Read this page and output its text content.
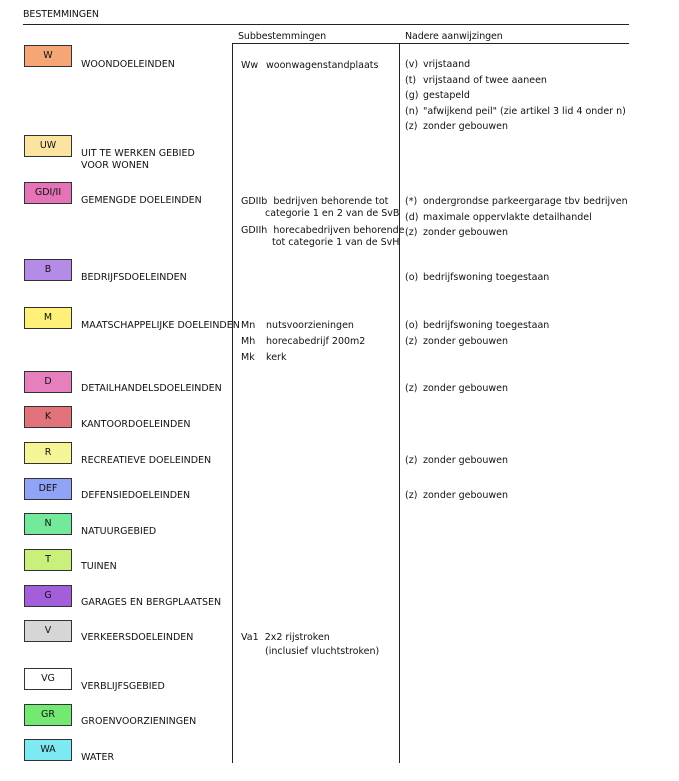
BESTEMMINGEN
Subbestemmingen	Nadere aanwijzingen
W
WOONDOELEINDEN
UW
UIT TE WERKEN GEBIED
VOOR WONEN
GDI/II
GEMENGDE DOELEINDEN
B
BEDRIJFSDOELEINDEN
M
MAATSCHAPPELIJKE DOELEINDEN
D
DETAILHANDELSDOELEINDEN
K
KANTOORDOELEINDEN
R
RECREATIEVE DOELEINDEN
DEF
DEFENSIEDOELEINDEN
N
NATUURGEBIED
T
TUINEN
G
GARAGES EN BERGPLAATSEN
V
VERKEERSDOELEINDEN
VG
VERBLIJFSGEBIED
GR
GROENVOORZIENINGEN
WA
WATER
Ww woonwagenstandplaats
GDIIb bedrijven behorende tot
categorie 1 en 2 van de SvB
GDIIh horecabedrijven behorende
tot categorie 1 van de SvH
Mn nutsvoorzieningen
Mh horecabedrijf 200m2
Mk kerk
Va1 2x2 rijstroken
(inclusief vluchtstroken)
(v) vrijstaand
(t) vrijstaand of twee aaneen
(g) gestapeld
(n) "afwijkend peil" (zie artikel 3 lid 4 onder n)
(z) zonder gebouwen
(*) ondergrondse parkeergarage tbv bedrijven
(d) maximale oppervlakte detailhandel
(z) zonder gebouwen
(o) bedrijfswoning toegestaan
(o) bedrijfswoning toegestaan
(z) zonder gebouwen
(z) zonder gebouwen
(z) zonder gebouwen
(z) zonder gebouwen
